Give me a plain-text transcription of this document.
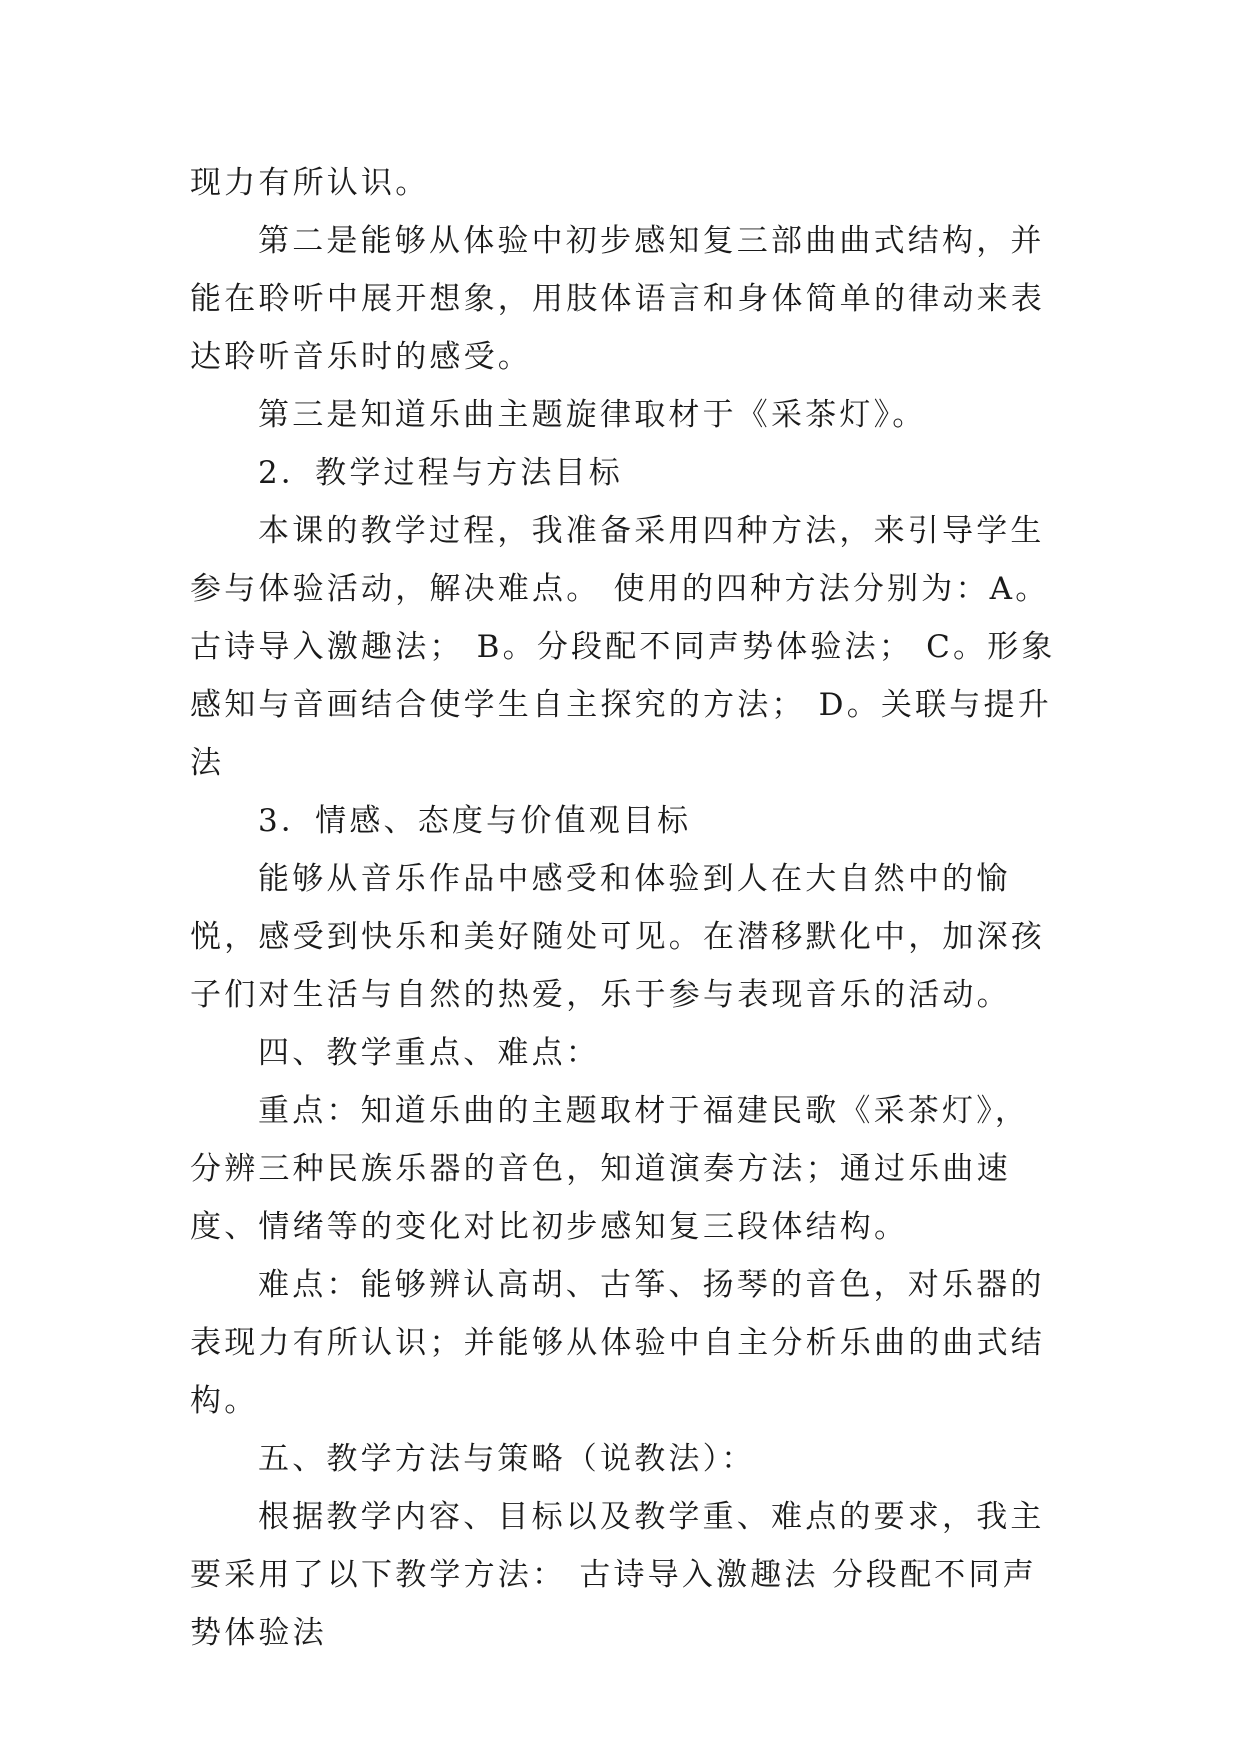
现力有所认识。

第二是能够从体验中初步感知复三部曲曲式结构，并能在聆听中展开想象，用肢体语言和身体简单的律动来表达聆听音乐时的感受。

第三是知道乐曲主题旋律取材于《采茶灯》。

2．教学过程与方法目标

本课的教学过程，我准备采用四种方法，来引导学生参与体验活动，解决难点。 使用的四种方法分别为：A。古诗导入激趣法； B。分段配不同声势体验法； C。形象感知与音画结合使学生自主探究的方法； D。关联与提升法

3．情感、态度与价值观目标

能够从音乐作品中感受和体验到人在大自然中的愉悦，感受到快乐和美好随处可见。在潜移默化中，加深孩子们对生活与自然的热爱，乐于参与表现音乐的活动。

四、教学重点、难点：

重点：知道乐曲的主题取材于福建民歌《采茶灯》，分辨三种民族乐器的音色，知道演奏方法；通过乐曲速度、情绪等的变化对比初步感知复三段体结构。

难点：能够辨认高胡、古筝、扬琴的音色，对乐器的表现力有所认识；并能够从体验中自主分析乐曲的曲式结构。

五、教学方法与策略（说教法）：

根据教学内容、目标以及教学重、难点的要求，我主要采用了以下教学方法： 古诗导入激趣法 分段配不同声势体验法
